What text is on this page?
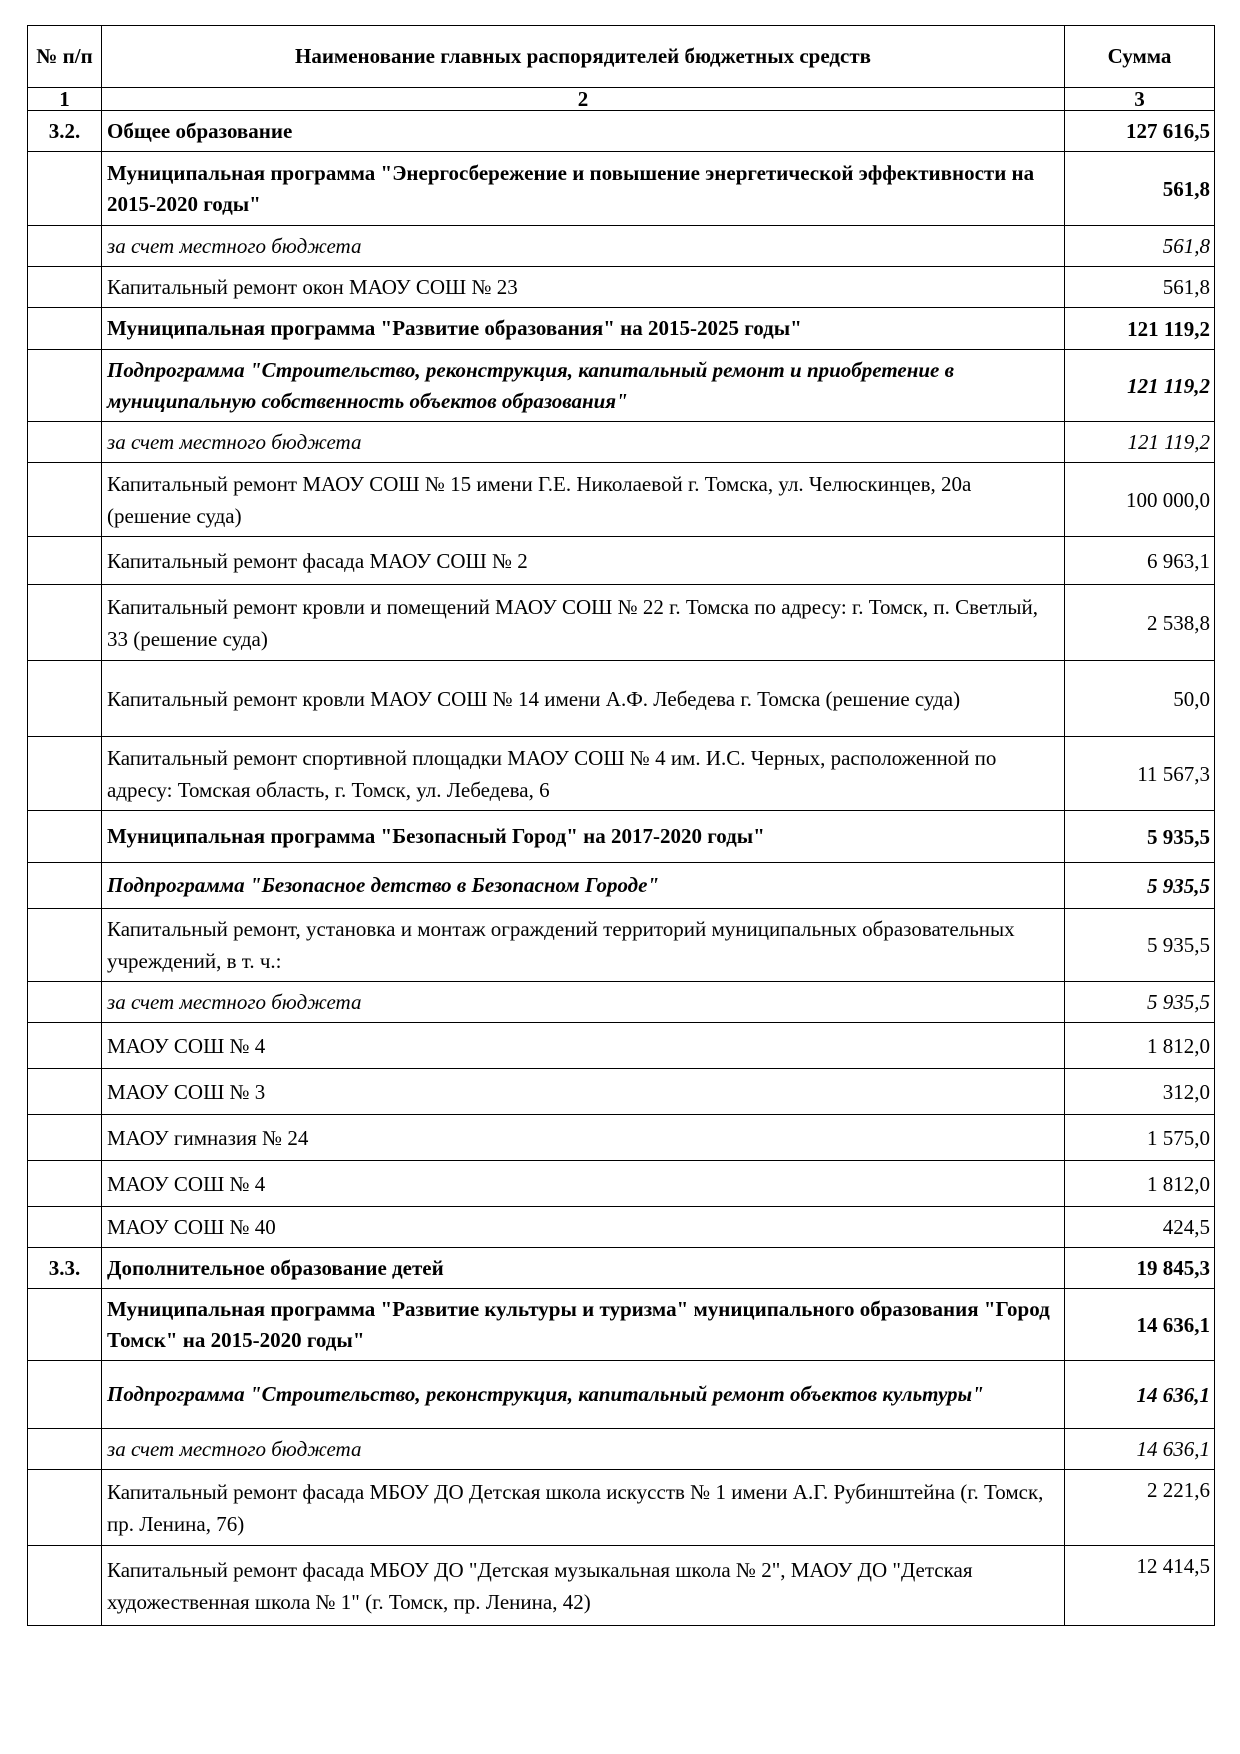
№ п/п	Наименование главных распорядителей бюджетных средств	Сумма
1	2	3
3.2.	Общее образование	127 616,5
	Муниципальная программа "Энергосбережение и повышение энергетической эффективности на 2015-2020 годы"	561,8
	за счет местного бюджета	561,8
	Капитальный ремонт окон МАОУ СОШ № 23	561,8
	Муниципальная программа "Развитие образования" на 2015-2025 годы"	121 119,2
	Подпрограмма "Строительство, реконструкция, капитальный ремонт и приобретение в муниципальную собственность объектов образования"	121 119,2
	за счет местного бюджета	121 119,2
	Капитальный ремонт МАОУ СОШ № 15 имени Г.Е. Николаевой г. Томска, ул. Челюскинцев, 20а (решение суда)	100 000,0
	Капитальный ремонт фасада МАОУ СОШ № 2	6 963,1
	Капитальный ремонт кровли и помещений МАОУ СОШ № 22 г. Томска по адресу: г. Томск, п. Светлый, 33 (решение суда)	2 538,8
	Капитальный ремонт кровли МАОУ СОШ № 14 имени А.Ф. Лебедева г. Томска (решение суда)	50,0
	Капитальный ремонт спортивной площадки МАОУ СОШ № 4 им. И.С. Черных, расположенной по адресу: Томская область, г. Томск, ул. Лебедева, 6	11 567,3
	Муниципальная программа "Безопасный Город" на 2017-2020 годы"	5 935,5
	Подпрограмма "Безопасное детство в Безопасном Городе"	5 935,5
	Капитальный ремонт, установка и монтаж ограждений территорий муниципальных образовательных учреждений, в т. ч.:	5 935,5
	за счет местного бюджета	5 935,5
	МАОУ СОШ № 4	1 812,0
	МАОУ СОШ № 3	312,0
	МАОУ гимназия № 24	1 575,0
	МАОУ СОШ № 4	1 812,0
	МАОУ СОШ № 40	424,5
3.3.	Дополнительное образование детей	19 845,3
	Муниципальная программа "Развитие культуры и туризма" муниципального образования "Город Томск" на 2015-2020 годы"	14 636,1
	Подпрограмма "Строительство, реконструкция, капитальный ремонт объектов культуры"	14 636,1
	за счет местного бюджета	14 636,1
	Капитальный ремонт фасада МБОУ ДО Детская школа искусств № 1 имени А.Г. Рубинштейна (г. Томск, пр. Ленина, 76)	2 221,6
	Капитальный ремонт фасада МБОУ ДО "Детская музыкальная школа № 2", МАОУ ДО "Детская художественная школа № 1" (г. Томск, пр. Ленина, 42)	12 414,5
